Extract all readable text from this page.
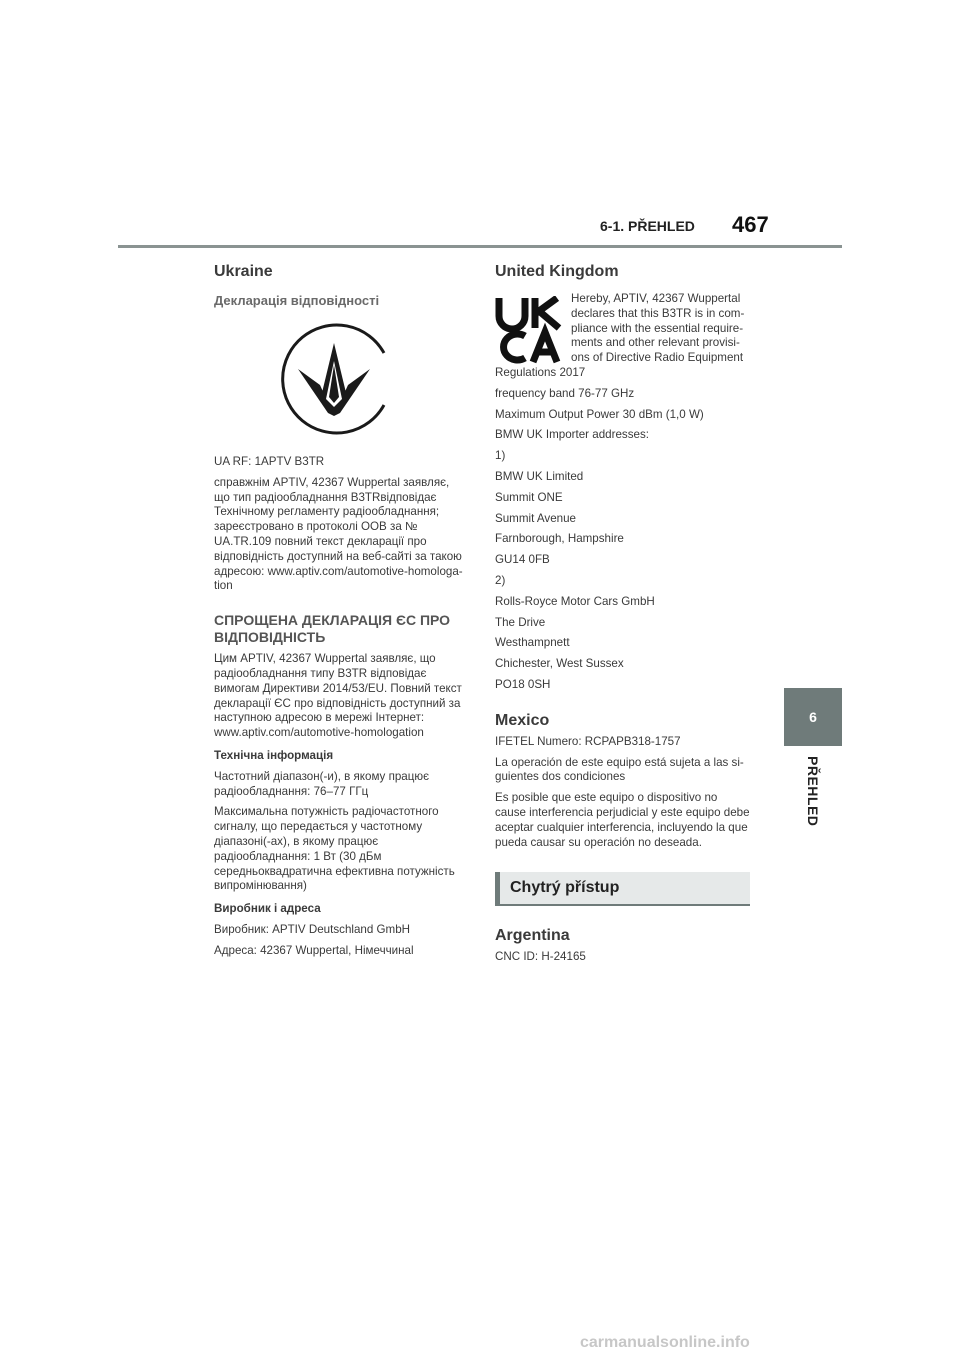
6-1. PŘEHLED 467
6
PŘEHLED
Ukraine
Декларація відповідності

UA RF: 1APTV B3TR

справжнім APTIV, 42367 Wuppertal заявляє, що тип радіообладнання B3TRвідповідає Технічному регламенту радіообладнання; зареєстровано в протоколі OOB за № UA.TR.109 повний текст декларації про відповідність доступний на веб-сайті за такою адресою: www.aptiv.com/automotive-homologa-tion

СПРОЩЕНА ДЕКЛАРАЦІЯ ЄС ПРО ВІДПОВІДНІСТЬ

Цим APTIV, 42367 Wuppertal заявляє, що радіообладнання типу B3TR відповідає вимогам Директиви 2014/53/EU. Повний текст декларації ЄС про відповідність доступний за наступною адресою в мережі Інтернет: www.aptiv.com/automotive-homologation

Технічна інформація

Частотний діапазон(-и), в якому працює радіообладнання: 76–77 ГГц

Максимальна потужність радіочастотного сигналу, що передається у частотному діапазоні(-ах), в якому працює радіообладнання: 1 Вт (30 дБм середньоквадратична ефективна потужність випромінювання)

Виробник і адреса

Виробник: APTIV Deutschland GmbH

Адреса: 42367 Wuppertal, Німеччинаl

United Kingdom

Hereby, APTIV, 42367 Wuppertal declares that this B3TR is in com-pliance with the essential require-ments and other relevant provisi-ons of Directive Radio Equipment Regulations 2017

frequency band 76-77 GHz

Maximum Output Power 30 dBm (1,0 W)

BMW UK Importer addresses:

1)

BMW UK Limited

Summit ONE

Summit Avenue

Farnborough, Hampshire

GU14 0FB

2)

Rolls-Royce Motor Cars GmbH

The Drive

Westhampnett

Chichester, West Sussex

PO18 0SH

Mexico

IFETEL Numero: RCPAPB318-1757

La operación de este equipo está sujeta a las si-guientes dos condiciones

Es posible que este equipo o dispositivo no cause interferencia perjudicial y este equipo debe aceptar cualquier interferencia, incluyendo la que pueda causar su operación no deseada.

Chytrý přístup
Argentina

CNC ID: H-24165

carmanualsonline.info
